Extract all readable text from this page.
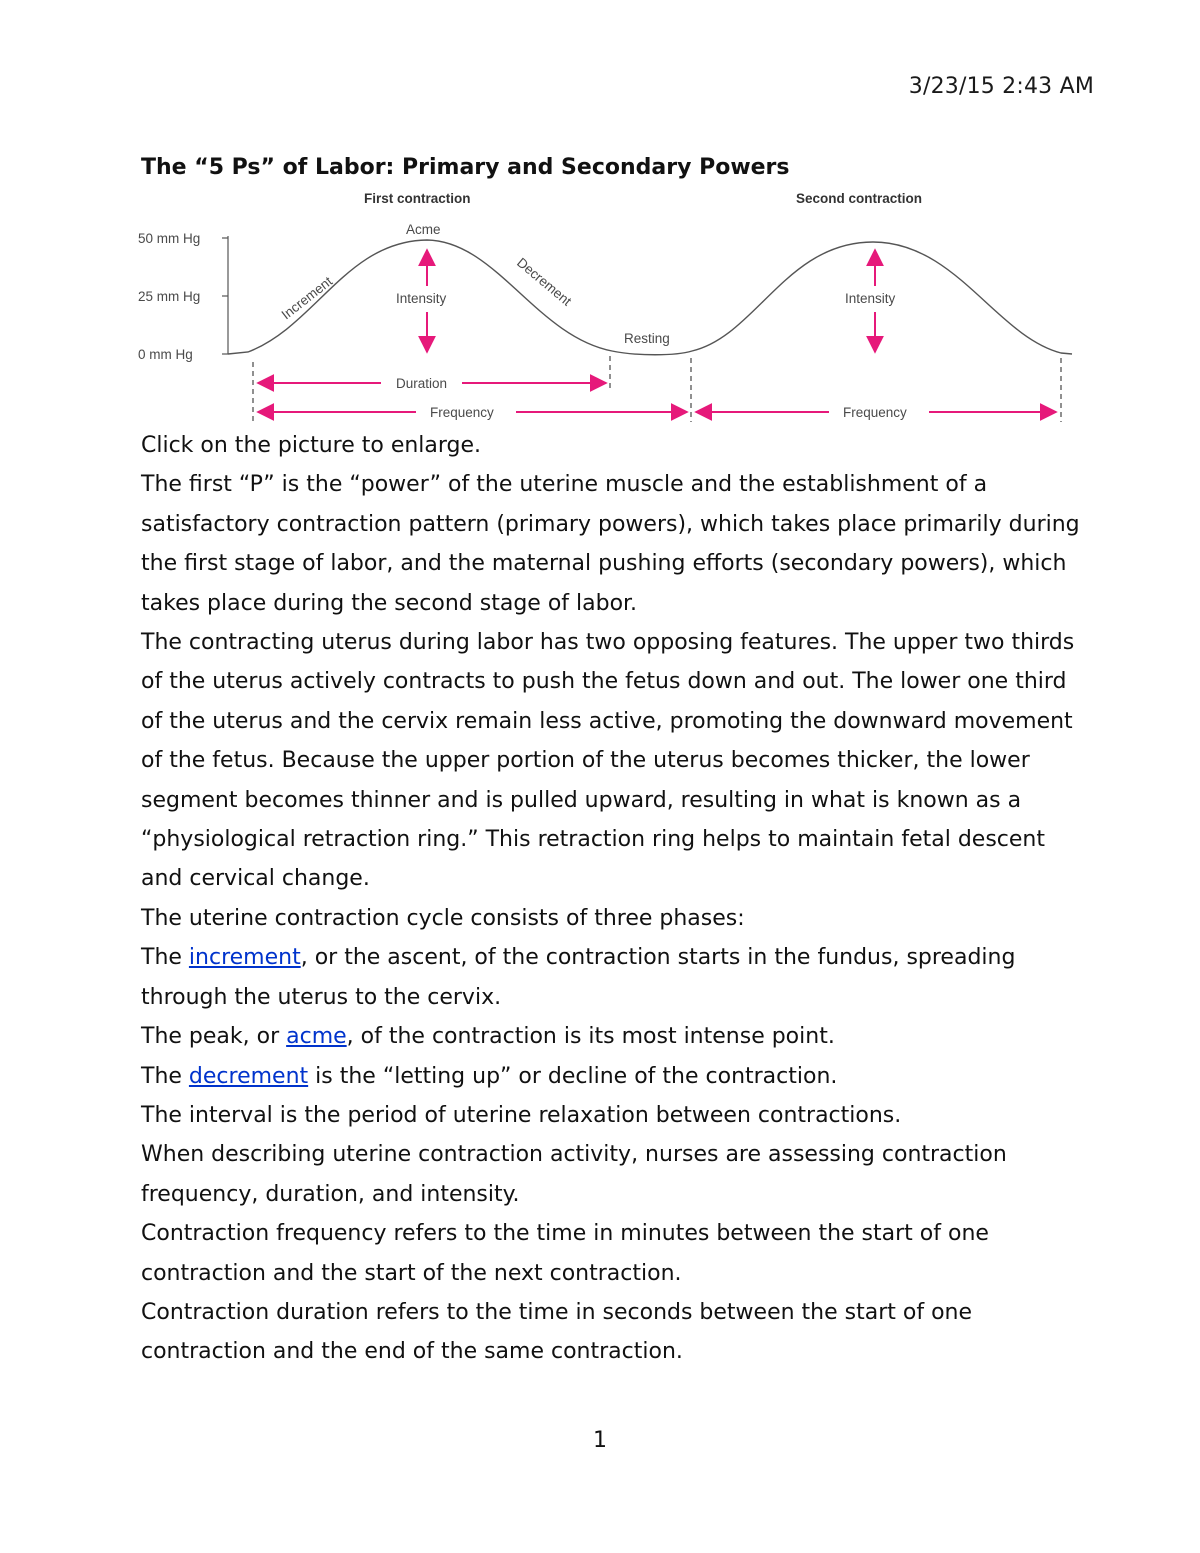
3/23/15 2:43 AM
The “5 Ps” of Labor: Primary and Secondary Powers
First contraction	Second contraction
50 mm Hg
25 mm Hg
0 mm Hg
Acme
Increment	Decrement
Intensity	Intensity
Resting
Duration
Frequency	Frequency

Click on the picture to enlarge.

The first “P” is the “power” of the uterine muscle and the establishment of a satisfactory contraction pattern (primary powers), which takes place primarily during the first stage of labor, and the maternal pushing efforts (secondary powers), which takes place during the second stage of labor.

The contracting uterus during labor has two opposing features. The upper two thirds of the uterus actively contracts to push the fetus down and out. The lower one third of the uterus and the cervix remain less active, promoting the downward movement of the fetus. Because the upper portion of the uterus becomes thicker, the lower segment becomes thinner and is pulled upward, resulting in what is known as a “physiological retraction ring.” This retraction ring helps to maintain fetal descent and cervical change.

The uterine contraction cycle consists of three phases:

The increment, or the ascent, of the contraction starts in the fundus, spreading through the uterus to the cervix.

The peak, or acme, of the contraction is its most intense point.

The decrement is the “letting up” or decline of the contraction.

The interval is the period of uterine relaxation between contractions.

When describing uterine contraction activity, nurses are assessing contraction frequency, duration, and intensity.

Contraction frequency refers to the time in minutes between the start of one contraction and the start of the next contraction.

Contraction duration refers to the time in seconds between the start of one contraction and the end of the same contraction.

1
